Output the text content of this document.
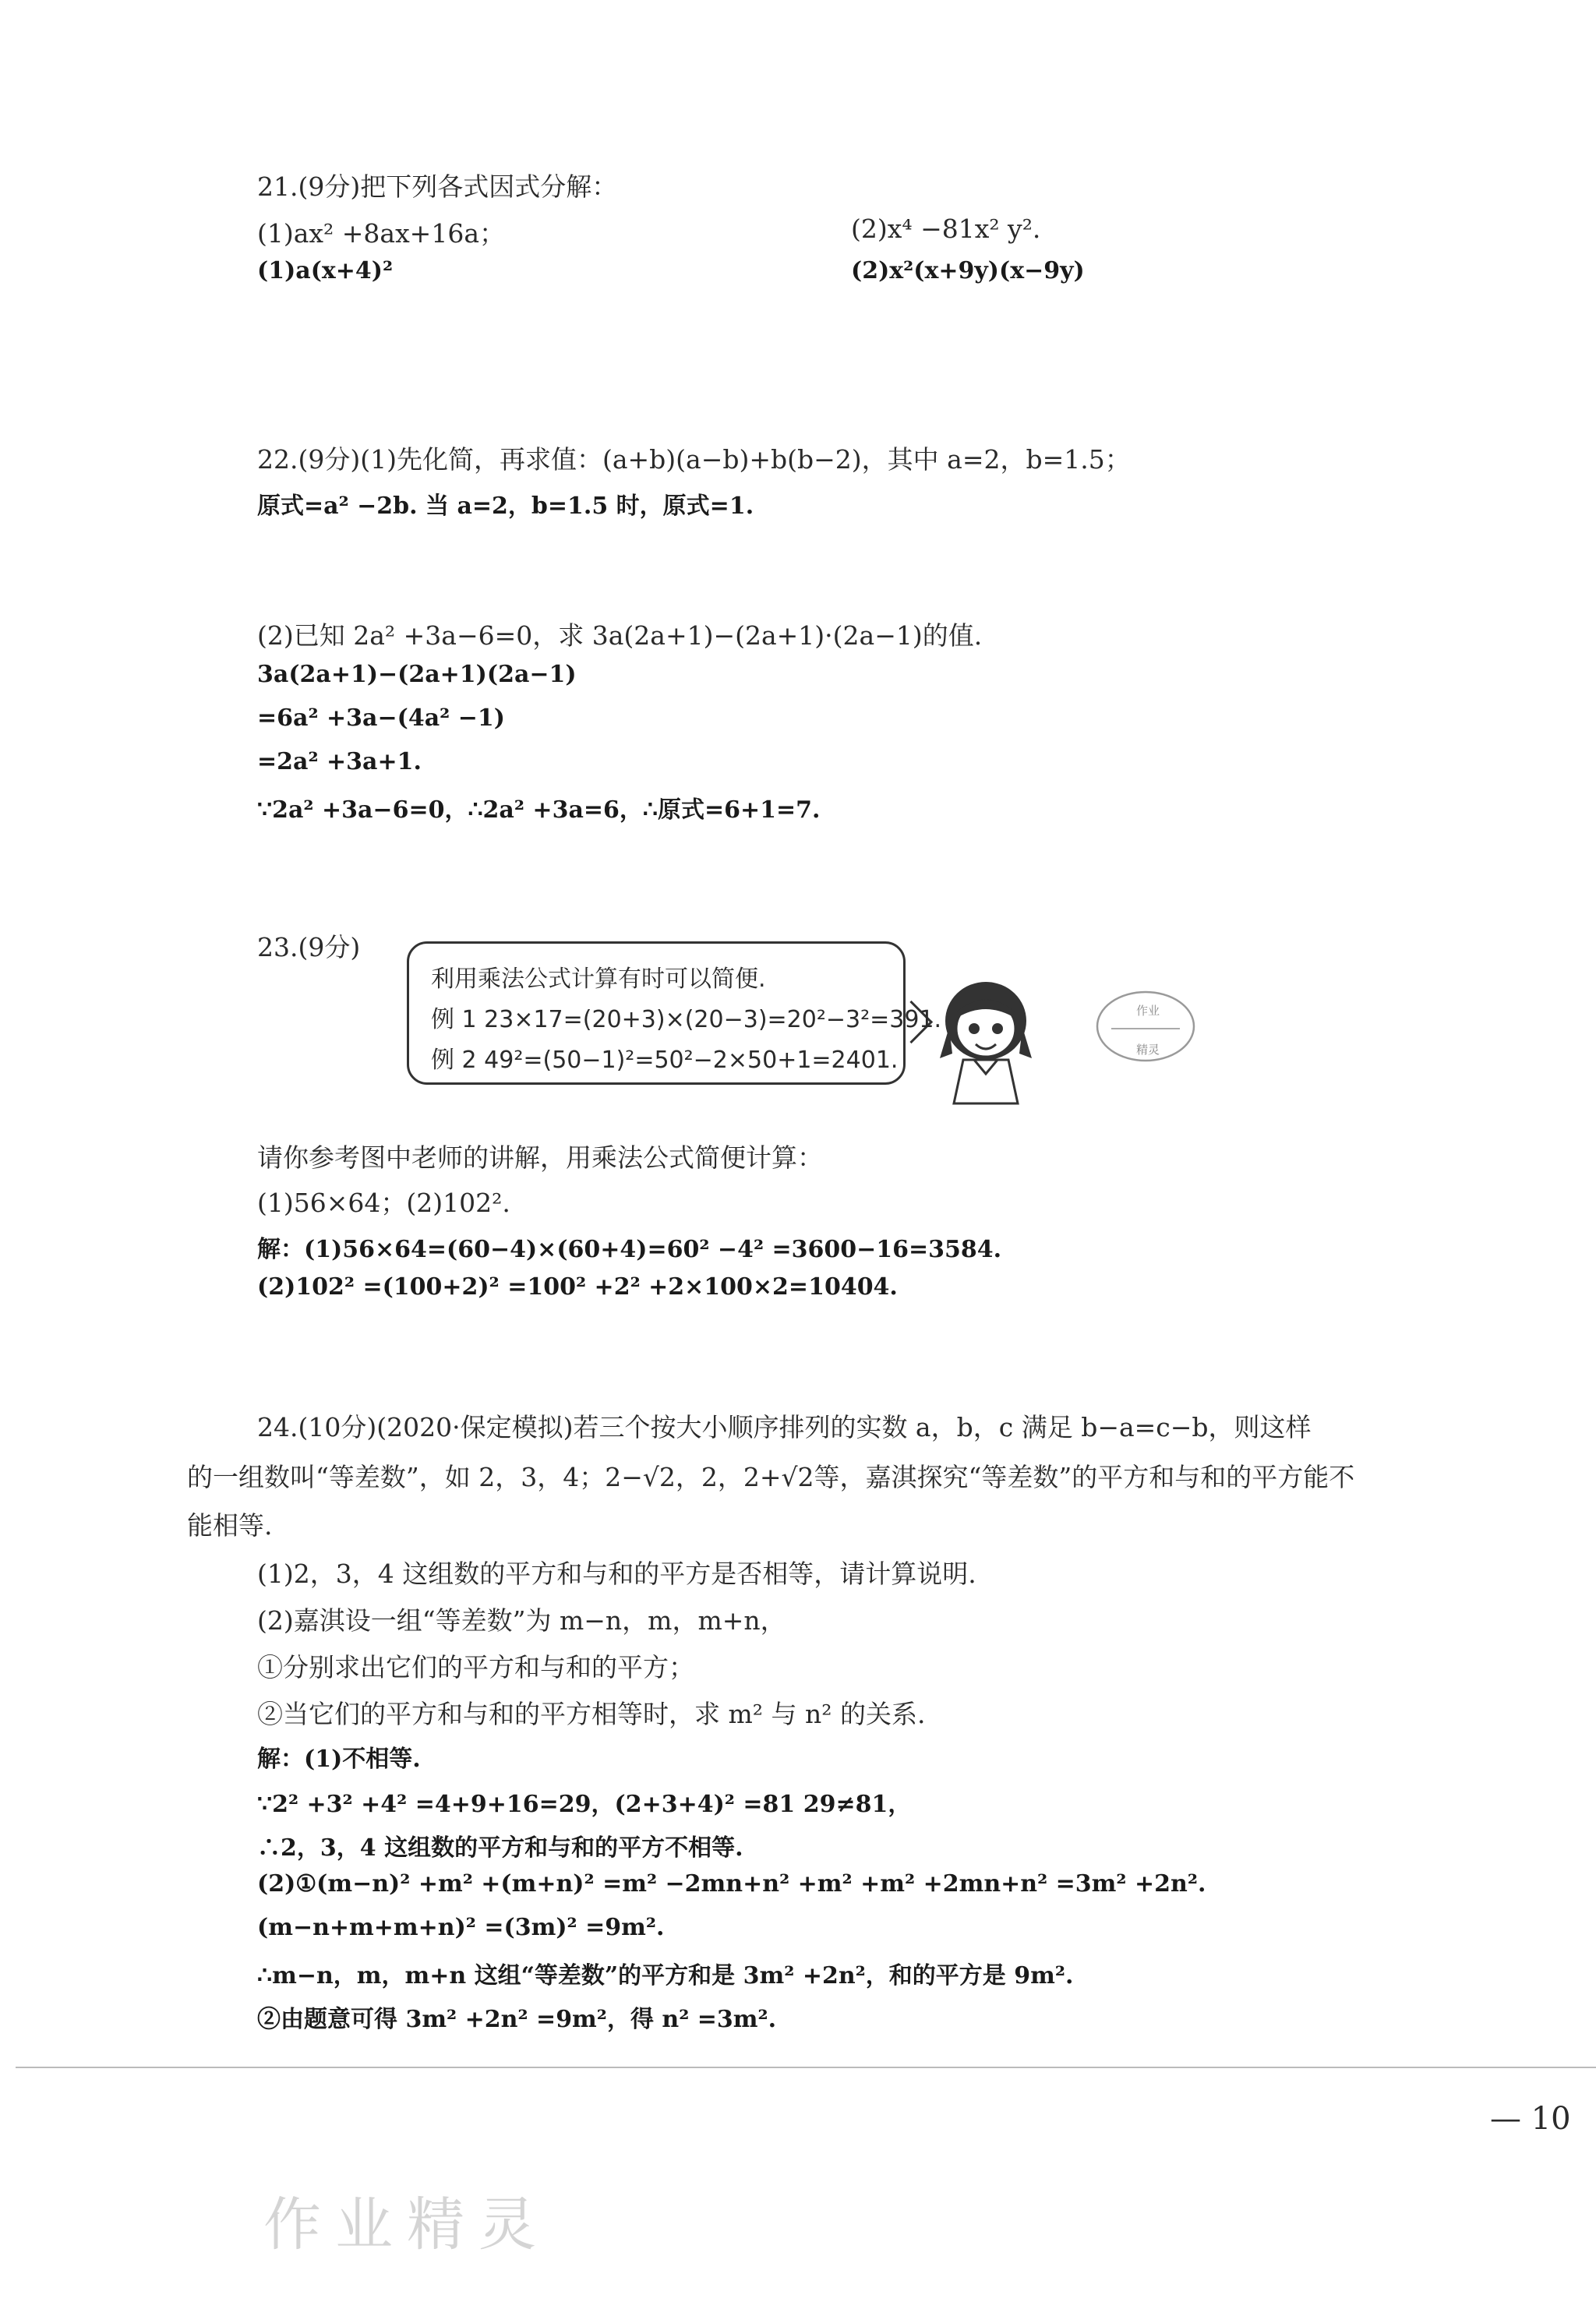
21.(9分)把下列各式因式分解：
(1)ax² +8ax+16a；	(2)x⁴ −81x² y².
(1)a(x+4)²	(2)x²(x+9y)(x−9y)
22.(9分)(1)先化简，再求值：(a+b)(a−b)+b(b−2)，其中 a=2，b=1.5；
原式=a² −2b. 当 a=2，b=1.5 时，原式=1.
(2)已知 2a² +3a−6=0，求 3a(2a+1)−(2a+1)·(2a−1)的值.
3a(2a+1)−(2a+1)(2a−1)
=6a² +3a−(4a² −1)
=2a² +3a+1.
∵2a² +3a−6=0，∴2a² +3a=6，∴原式=6+1=7.
23.(9分)
利用乘法公式计算有时可以简便.
例 1 23×17=(20+3)×(20−3)=20²−3²=391.
例 2 49²=(50−1)²=50²−2×50+1=2401.
作业
精灵
请你参考图中老师的讲解，用乘法公式简便计算：
(1)56×64；(2)102².
解：(1)56×64=(60−4)×(60+4)=60² −4² =3600−16=3584.
(2)102² =(100+2)² =100² +2² +2×100×2=10404.
24.(10分)(2020·保定模拟)若三个按大小顺序排列的实数 a，b，c 满足 b−a=c−b，则这样
的一组数叫“等差数”，如 2，3，4；2−√2，2，2+√2等，嘉淇探究“等差数”的平方和与和的平方能不
能相等.
(1)2，3，4 这组数的平方和与和的平方是否相等，请计算说明.
(2)嘉淇设一组“等差数”为 m−n，m，m+n，
①分别求出它们的平方和与和的平方；
②当它们的平方和与和的平方相等时，求 m² 与 n² 的关系.
解：(1)不相等.
∵2² +3² +4² =4+9+16=29，(2+3+4)² =81 29≠81，
∴2，3，4 这组数的平方和与和的平方不相等.
(2)①(m−n)² +m² +(m+n)² =m² −2mn+n² +m² +m² +2mn+n² =3m² +2n².
(m−n+m+m+n)² =(3m)² =9m².
∴m−n，m，m+n 这组“等差数”的平方和是 3m² +2n²，和的平方是 9m².
②由题意可得 3m² +2n² =9m²，得 n² =3m².
— 10
作业精灵
